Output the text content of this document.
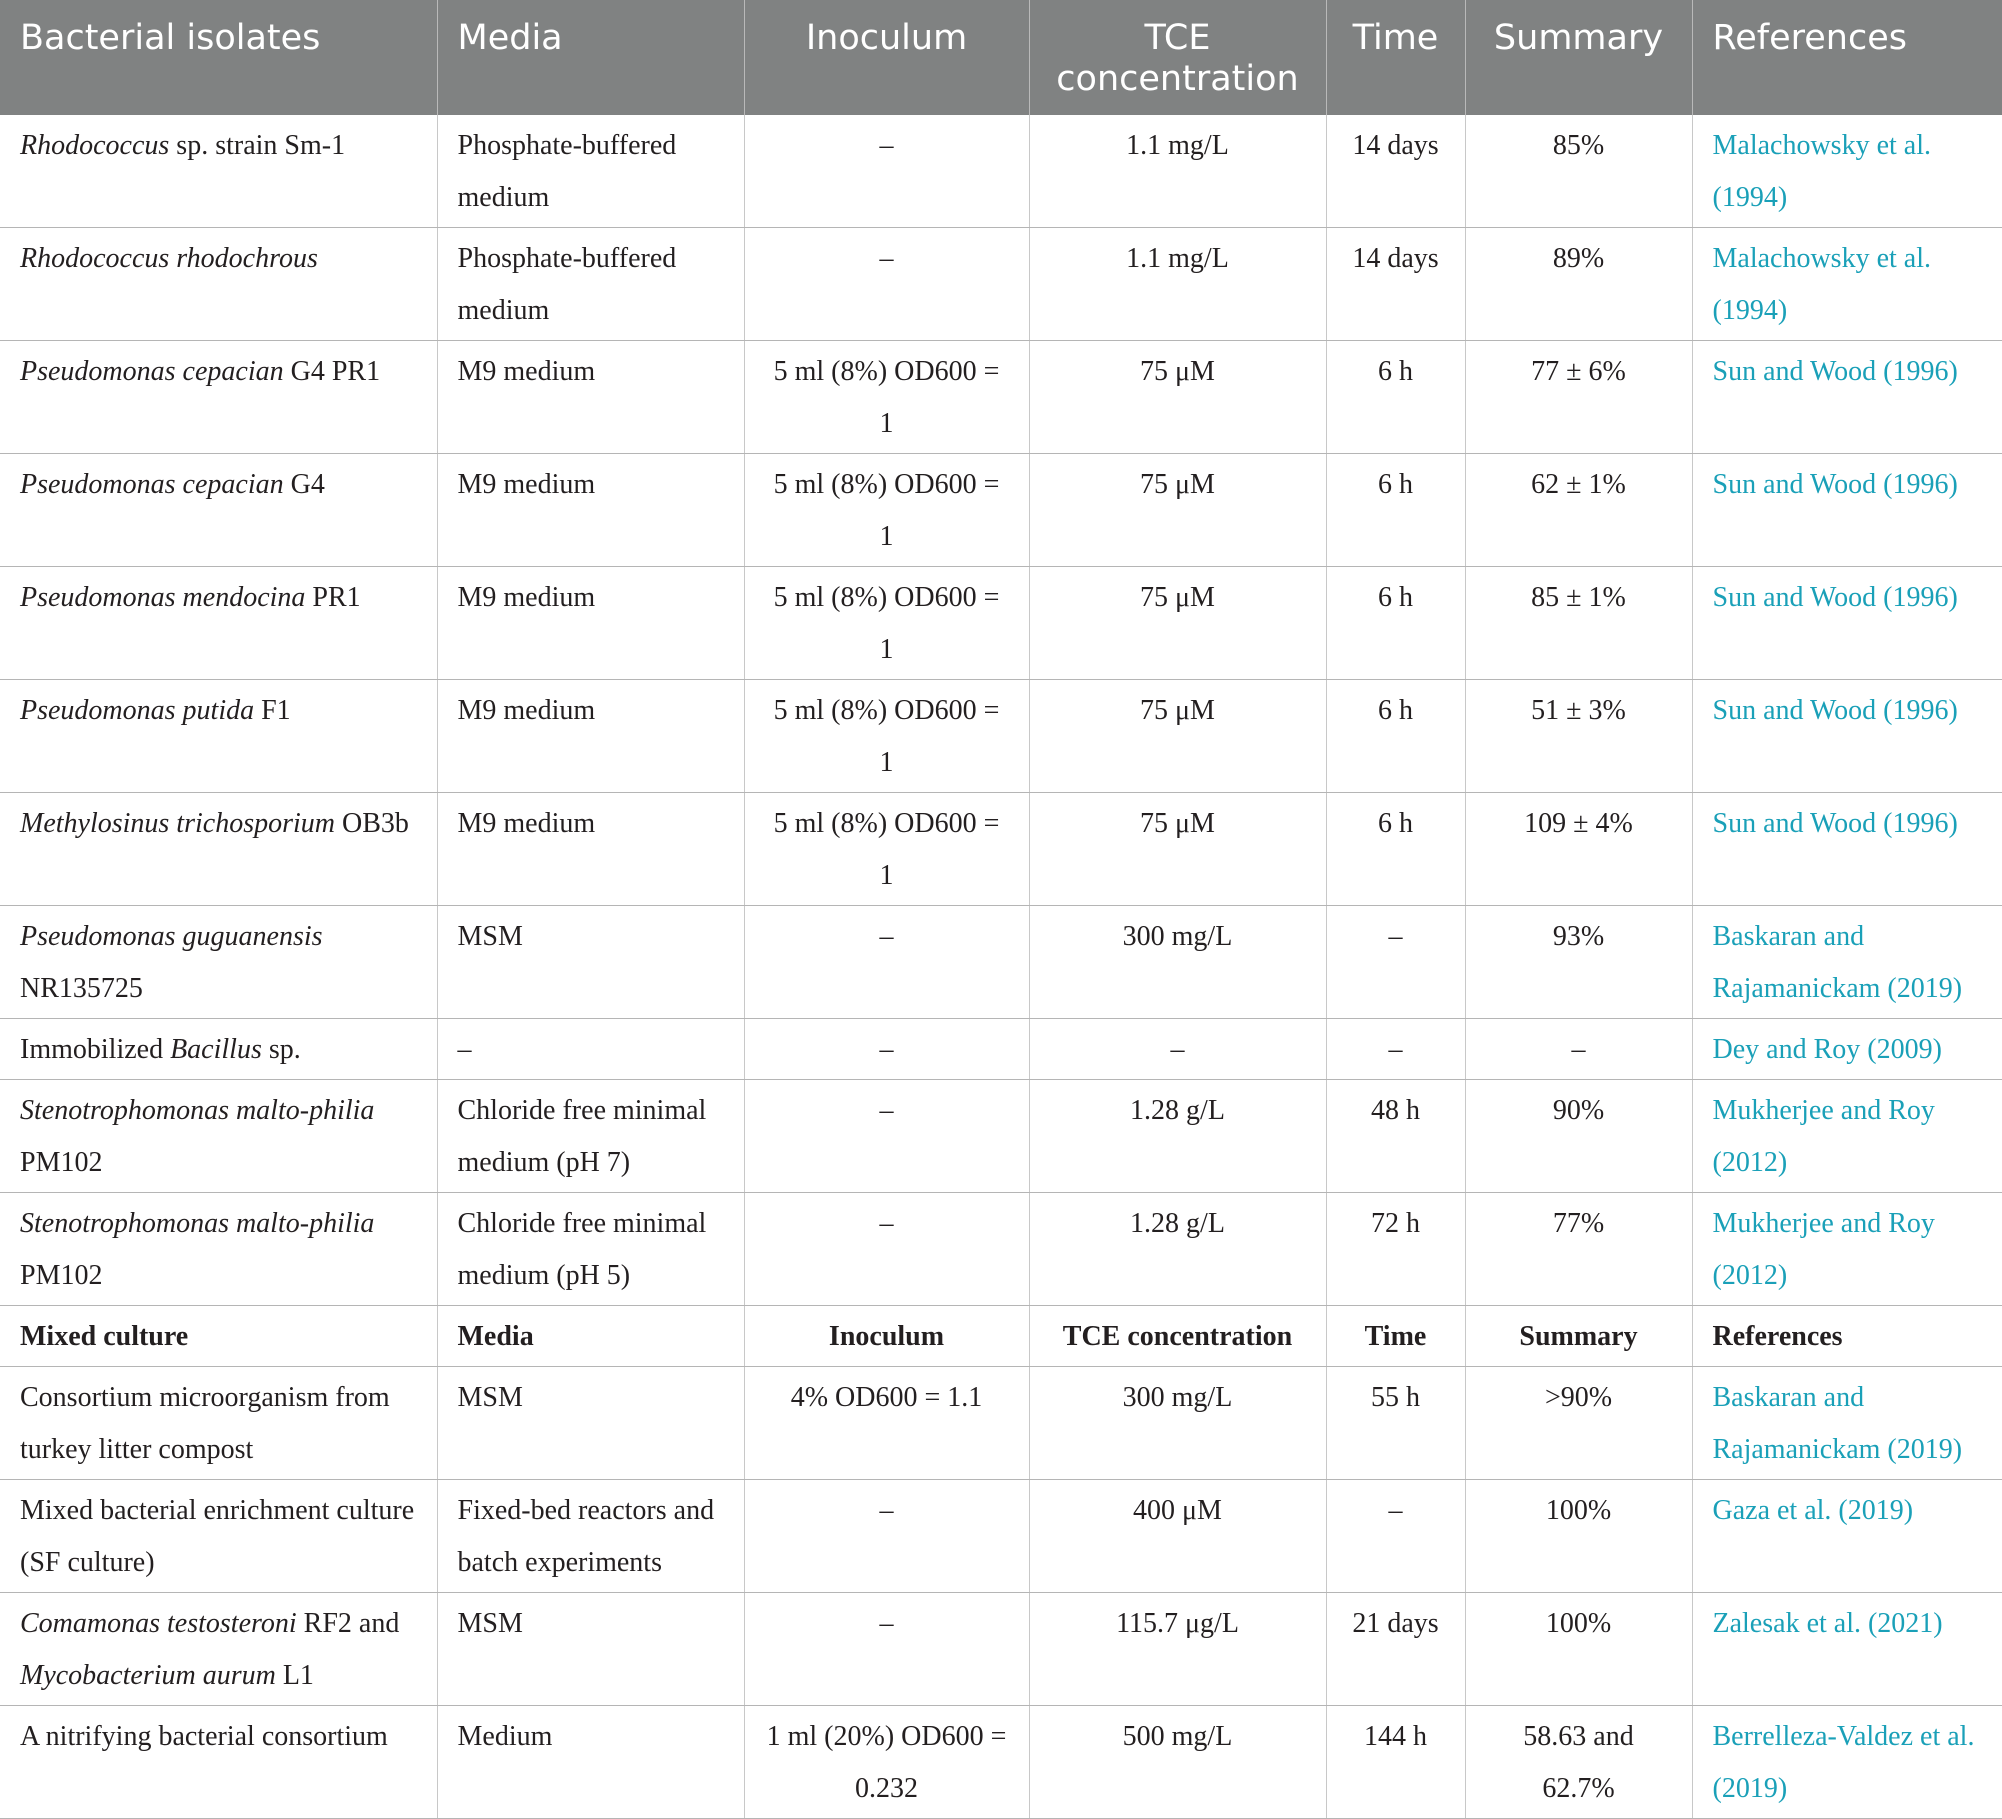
Bacterial isolates	Media	Inoculum	TCE concentration	Time	Summary	References
Rhodococcus sp. strain Sm-1	Phosphate-buffered medium	–	1.1 mg/L	14 days	85%	Malachowsky et al. (1994)
Rhodococcus rhodochrous	Phosphate-buffered medium	–	1.1 mg/L	14 days	89%	Malachowsky et al. (1994)
Pseudomonas cepacian G4 PR1	M9 medium	5 ml (8%) OD600 = 1	75 μM	6 h	77 ± 6%	Sun and Wood (1996)
Pseudomonas cepacian G4	M9 medium	5 ml (8%) OD600 = 1	75 μM	6 h	62 ± 1%	Sun and Wood (1996)
Pseudomonas mendocina PR1	M9 medium	5 ml (8%) OD600 = 1	75 μM	6 h	85 ± 1%	Sun and Wood (1996)
Pseudomonas putida F1	M9 medium	5 ml (8%) OD600 = 1	75 μM	6 h	51 ± 3%	Sun and Wood (1996)
Methylosinus trichosporium OB3b	M9 medium	5 ml (8%) OD600 = 1	75 μM	6 h	109 ± 4%	Sun and Wood (1996)
Pseudomonas guguanensis NR135725	MSM	–	300 mg/L	–	93%	Baskaran and Rajamanickam (2019)
Immobilized Bacillus sp.	–	–	–	–	–	Dey and Roy (2009)
Stenotrophomonas malto-philia PM102	Chloride free minimal medium (pH 7)	–	1.28 g/L	48 h	90%	Mukherjee and Roy (2012)
Stenotrophomonas malto-philia PM102	Chloride free minimal medium (pH 5)	–	1.28 g/L	72 h	77%	Mukherjee and Roy (2012)
Mixed culture	Media	Inoculum	TCE concentration	Time	Summary	References
Consortium microorganism from turkey litter compost	MSM	4% OD600 = 1.1	300 mg/L	55 h	>90%	Baskaran and Rajamanickam (2019)
Mixed bacterial enrichment culture (SF culture)	Fixed-bed reactors and batch experiments	–	400 μM	–	100%	Gaza et al. (2019)
Comamonas testosteroni RF2 and Mycobacterium aurum L1	MSM	–	115.7 μg/L	21 days	100%	Zalesak et al. (2021)
A nitrifying bacterial consortium	Medium	1 ml (20%) OD600 = 0.232	500 mg/L	144 h	58.63 and 62.7%	Berrelleza-Valdez et al. (2019)
